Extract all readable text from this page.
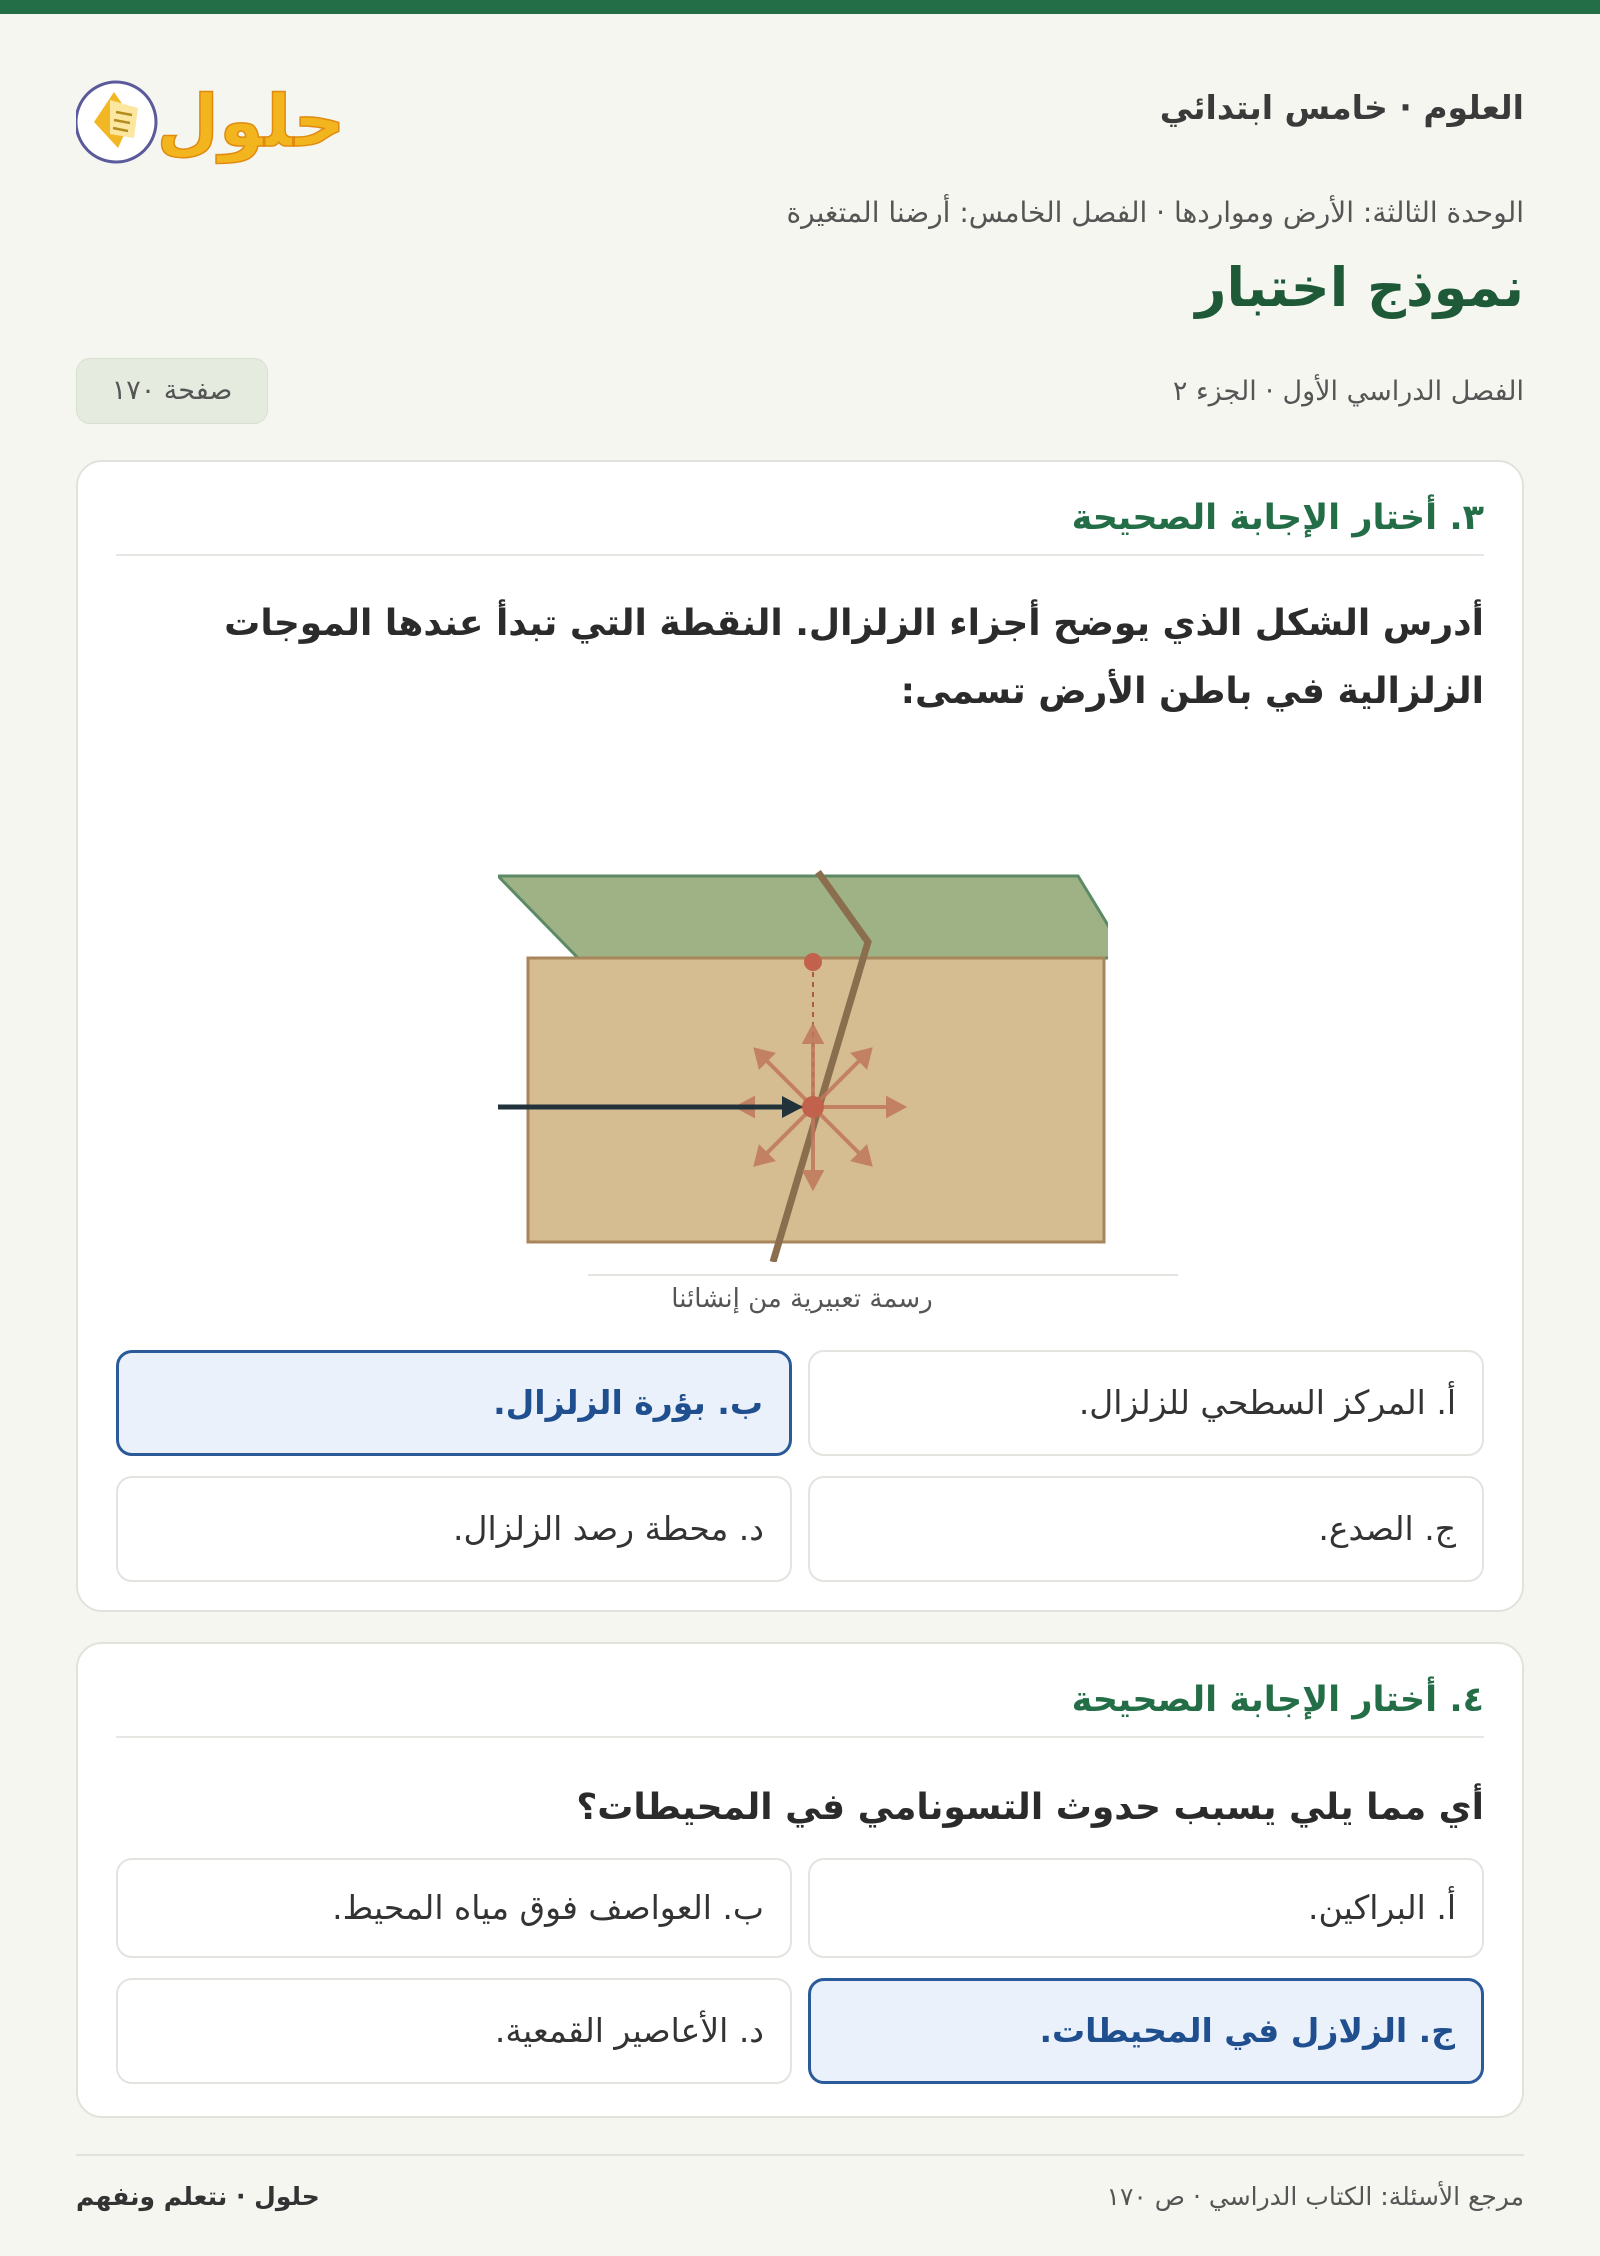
حلول	العلوم · خامس ابتدائي
الوحدة الثالثة: الأرض ومواردها · الفصل الخامس: أرضنا المتغيرة
نموذج اختبار
الفصل الدراسي الأول · الجزء ٢
صفحة ١٧٠
٣. أختار الإجابة الصحيحة
أدرس الشكل الذي يوضح أجزاء الزلزال. النقطة التي تبدأ عندها الموجات الزلزالية في باطن الأرض تسمى:
رسمة تعبيرية من إنشائنا
أ. المركز السطحي للزلزال.
ب. بؤرة الزلزال.
ج. الصدع.
د. محطة رصد الزلزال.
٤. أختار الإجابة الصحيحة
أي مما يلي يسبب حدوث التسونامي في المحيطات؟
أ. البراكين.
ب. العواصف فوق مياه المحيط.
ج. الزلازل في المحيطات.
د. الأعاصير القمعية.
مرجع الأسئلة: الكتاب الدراسي · ص ١٧٠
حلول · نتعلم ونفهم
